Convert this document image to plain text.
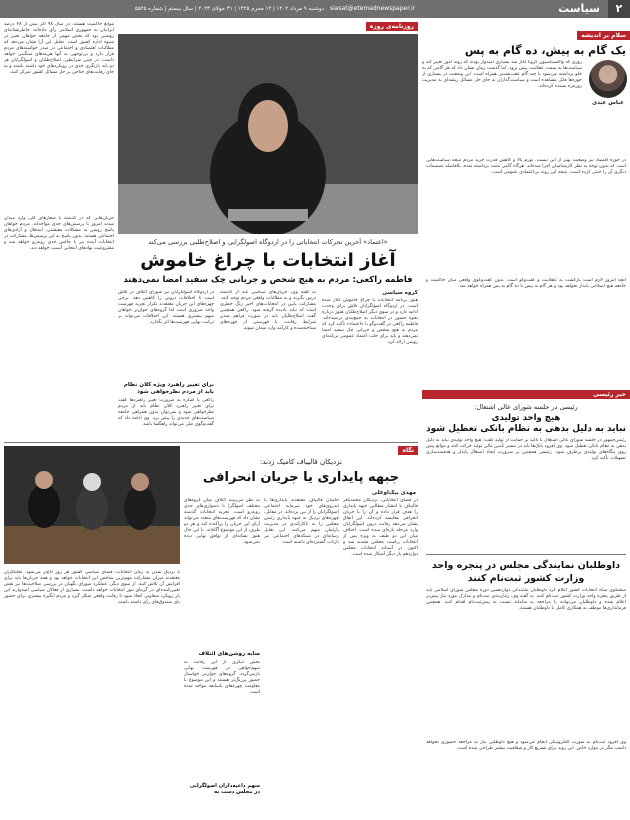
۲
سیاست
siasat@etemadnewspaper.ir
دوشنبه ۹ مرداد ۱۴۰۲ | ۱۲ محرم ۱۴۴۵ | ۳۱ جولای ۲۰۲۳ | سال بیستم | شماره ۵۵۴۵
سلام بر اندیشه
یک گام به پیش، ده گام به پس
عباس عبدی
روزی که واکسیناسیون کرونا آغاز شد بسیاری امیدوار بودند که روند امور تغییر کند و سیاست‌ها به سمت عقلانیت پیش برود. اما گذشت زمان نشان داد که هر گامی که به جلو برداشته می‌شود با چند گام عقب‌نشینی همراه است. این وضعیت در بسیاری از حوزه‌ها قابل مشاهده است و سیاست‌گذاران به جای حل مسائل ریشه‌ای به مدیریت روزمره بسنده کرده‌اند.
در حوزه اقتصاد نیز وضعیت بهتر از این نیست. تورم بالا و کاهش قدرت خرید مردم نتیجه سیاست‌هایی است که بدون توجه به نظر کارشناسان اجرا شده‌اند. هرگاه گامی مثبت برداشته شده، بلافاصله تصمیمات دیگری آن را خنثی کرده است. نتیجه این روند بی‌اعتمادی عمومی است.
آنچه امروز لازم است بازگشت به عقلانیت و گفت‌وگو است. بدون گفت‌وگوی واقعی میان حاکمیت و جامعه هیچ اصلاحی پایدار نخواهد بود و هر گام به پیش با ده گام به پس همراه خواهد شد.
خبر رئیسی
رئیسی در جلسه شورای عالی اشتغال:
هیچ واحد تولیدی
نباید به دلیل بدهی به نظام بانکی تعطیل شود
رئیس‌جمهور در جلسه شورای عالی اشتغال با تأکید بر حمایت از تولید گفت: هیچ واحد تولیدی نباید به دلیل بدهی به نظام بانکی تعطیل شود. وی افزود بانک‌ها باید در مسیر تأمین مالی تولید حرکت کنند و موانع پیش روی بنگاه‌های تولیدی برطرف شود. رئیسی همچنین بر ضرورت ایجاد اشتغال پایدار و هدفمندسازی تسهیلات تأکید کرد.
داوطلبان نمایندگی مجلس در پنجره واحد وزارت کشور ثبت‌نام کنند
سخنگوی ستاد انتخابات کشور اعلام کرد داوطلبان نمایندگی دوازدهمین دوره مجلس شورای اسلامی باید از طریق پنجره واحد وزارت کشور ثبت‌نام کنند. به گفته وی، زمان‌بندی ثبت‌نام و مدارک مورد نیاز پیش‌تر اعلام شده و داوطلبان می‌توانند با مراجعه به سامانه نسبت به پیش‌ثبت‌نام اقدام کنند. همچنین فرمانداری‌ها موظف به همکاری کامل با داوطلبان هستند.
وی افزود ثبت‌نام به صورت الکترونیکی انجام می‌شود و هیچ داوطلبی نیاز به مراجعه حضوری نخواهد داشت مگر در موارد خاص. این روند برای تسریع کار و شفافیت بیشتر طراحی شده است.
روزنامه‌ی روزه
«اعتماد» آخرین تحرکات انتخاباتی را در اردوگاه اصولگرایی و اصلاح‌طلبی بررسی می‌کند
آغاز انتخابات با چراغ خاموش
فاطمه راکعی: مردم به هیچ شخص و جریانی چک سفید امضا نمی‌دهند
گروه سیاسی
هنوز برنامه انتخابات با چراغ خاموش آغاز شده است. در اردوگاه اصولگرایان تلاش برای وحدت ادامه دارد و در سوی دیگر اصلاح‌طلبان هنوز درباره نحوه حضور در انتخابات به جمع‌بندی نرسیده‌اند. فاطمه راکعی در گفت‌وگو با «اعتماد» تأکید کرد که مردم به هیچ شخص و جریانی چک سفید امضا نمی‌دهند و باید برای جلب اعتماد عمومی برنامه‌ای روشن ارائه کرد.
به گفته وی، جریان‌های سیاسی باید از گذشته درس بگیرند و به مطالبات واقعی مردم توجه کنند. مشارکت پایین در انتخابات‌های اخیر زنگ خطری است که نباید نادیده گرفته شود. راکعی همچنین گفت اصلاح‌طلبان باید در صورت فراهم شدن شرایط رقابت، با فهرستی از چهره‌های شناخته‌شده و کارآمد وارد میدان شوند.
در اردوگاه اصولگرایان نیز شورای ائتلاف در تلاش است تا اختلافات درونی را کاهش دهد. برخی چهره‌های این جریان معتقدند تکرار تجربه فهرست واحد ضروری است اما گروه‌های جوان‌تر خواهان سهم بیشتری هستند. این اختلافات می‌تواند بر ترکیب نهایی فهرست‌ها اثر بگذارد.
برای تغییر راهبرد ویژه کلان نظام باید از مردم نظرخواهی شود
راکعی با اشاره به ضرورت تغییر راهبردها گفت برای تغییر راهبرد کلان نظام باید از مردم نظرخواهی شود و نمی‌توان بدون همراهی جامعه سیاست‌های جدیدی را پیش برد. وی ادامه داد که گفت‌وگوی ملی می‌تواند راهگشا باشد.
موانع حاکمیت هستند. در سال ۹۸ اگر بیش از ۴۸ درصد ایرانیان به جمهوری اسلامی رأی داده‌اند، خاطرنشانه‌ای روشنی بود که بخش مهمی از جامعه خواهان تغییر در شیوه اداره کشور است. تحلیل این آرا نشان می‌دهد که مطالبات اقتصادی و اجتماعی در صدر خواسته‌های مردم قرار دارد و بی‌توجهی به آنها هزینه‌های سنگینی خواهد داشت. در چنین شرایطی، اصلاح‌طلبان و اصولگرایان هر دو باید بازنگری جدی در رویکردهای خود داشته باشند و به جای رقابت‌های جناحی بر حل مسائل کشور تمرکز کنند.
جریان‌هایی که در گذشته با شعارهای کلی وارد میدان شدند امروز با پرسش‌های جدی مواجه‌اند. مردم خواهان پاسخ روشن به مشکلات معیشتی، اشتغال و آزادی‌های اجتماعی هستند. بدون پاسخ به این پرسش‌ها، مشارکت در انتخابات آینده نیز با چالش جدی روبه‌رو خواهد شد و مشروعیت نهادهای انتخابی آسیب خواهد دید.
نگاه
نزدیکان قالیباف کامیک زدند:
جبهه پایداری یا جریان انحرافی
مهدی بیک‌اوغلی
در فضای انتخاباتی، نزدیکان محمدباقر قالیباف با انتشار مطالبی جبهه پایداری را هدف قرار داده و آن را با جریان انحرافی مقایسه کرده‌اند. این اتفاق نشان می‌دهد رقابت درون اصولگرایان وارد مرحله تازه‌ای شده است. اختلاف میان این دو طیف به ویژه پس از انتخابات ریاست مجلس تشدید شد و اکنون در آستانه انتخابات مجلس دوازدهم بار دیگر آشکار شده است.
حامیان قالیباف معتقدند پایداری‌ها با تندروی‌های خود سرمایه اجتماعی اصولگرایان را از بین برده‌اند. در مقابل، چهره‌های نزدیک به جبهه پایداری رئیس مجلس را به ناکارآمدی در مدیریت پارلمان متهم می‌کنند. این تقابل رسانه‌ای در شبکه‌های اجتماعی نیز بازتاب گسترده‌ای داشته است.
به نظر می‌رسد ائتلاف میان گروه‌های مختلف اصولگرا با دشواری‌های جدی روبه‌رو است. تجربه انتخابات گذشته نشان داد که فهرست‌های متعدد می‌تواند آرای این جریان را پراکنده کند و هر دو طرف از این موضوع آگاه‌اند. با این حال هنوز نشانه‌ای از توافق نهایی دیده نمی‌شود.
سایه روشن‌های ائتلاف
بخش دیگری از این رقابت به سهم‌خواهی در فهرست نهایی بازمی‌گردد. گروه‌های جوان‌تر خواستار حضور پررنگ‌تر هستند و این موضوع با مقاومت چهره‌های باسابقه مواجه شده است.
سهم داعیه‌داران اصولگرایی در مجلس دست به
با نزدیک شدن به زمان انتخابات، فضای سیاسی کشور هر روز داغ‌تر می‌شود. تحلیلگران معتقدند میزان مشارکت مهم‌ترین شاخص این انتخابات خواهد بود و همه جریان‌ها باید برای افزایش آن تلاش کنند. از سوی دیگر، عملکرد شورای نگهبان در بررسی صلاحیت‌ها نیز نقش تعیین‌کننده‌ای در گرمای تنور انتخابات خواهد داشت. بسیاری از فعالان سیاسی امیدوارند این بار رویکرد متفاوتی اتخاذ شود تا رقابت واقعی شکل گیرد و مردم انگیزه بیشتری برای حضور پای صندوق‌های رأی داشته باشند.
